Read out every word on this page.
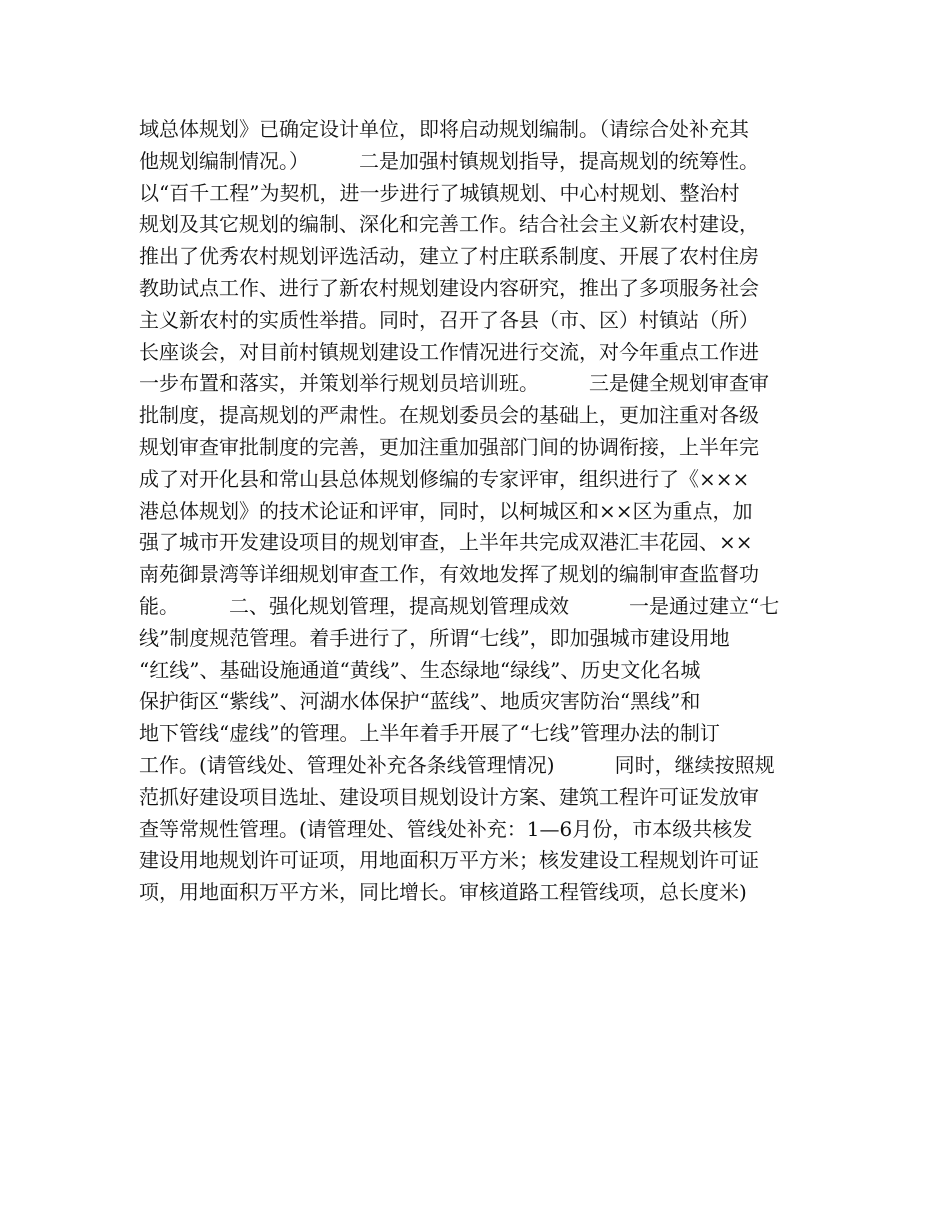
域总体规划》已确定设计单位，即将启动规划编制。（请综合处补充其
他规划编制情况。）　　　二是加强村镇规划指导，提高规划的统筹性。
以“百千工程”为契机，进一步进行了城镇规划、中心村规划、整治村
规划及其它规划的编制、深化和完善工作。结合社会主义新农村建设，
推出了优秀农村规划评选活动，建立了村庄联系制度、开展了农村住房
教助试点工作、进行了新农村规划建设内容研究，推出了多项服务社会
主义新农村的实质性举措。同时，召开了各县（市、区）村镇站（所）
长座谈会，对目前村镇规划建设工作情况进行交流，对今年重点工作进
一步布置和落实，并策划举行规划员培训班。　　　三是健全规划审查审
批制度，提高规划的严肃性。在规划委员会的基础上，更加注重对各级
规划审查审批制度的完善，更加注重加强部门间的协调衔接，上半年完
成了对开化县和常山县总体规划修编的专家评审，组织进行了《×××
港总体规划》的技术论证和评审，同时，以柯城区和××区为重点，加
强了城市开发建设项目的规划审查，上半年共完成双港汇丰花园、××
南苑御景湾等详细规划审查工作，有效地发挥了规划的编制审查监督功
能。　　　二、强化规划管理，提高规划管理成效　　　一是通过建立“七
线”制度规范管理。着手进行了，所谓“七线”，即加强城市建设用地
“红线”、基础设施通道“黄线”、生态绿地“绿线”、历史文化名城
保护街区“紫线”、河湖水体保护“蓝线”、地质灾害防治“黑线”和
地下管线“虚线”的管理。上半年着手开展了“七线”管理办法的制订
工作。(请管线处、管理处补充各条线管理情况)　　　同时，继续按照规
范抓好建设项目选址、建设项目规划设计方案、建筑工程许可证发放审
查等常规性管理。(请管理处、管线处补充：1—6月份，市本级共核发
建设用地规划许可证项，用地面积万平方米；核发建设工程规划许可证
项，用地面积万平方米，同比增长。审核道路工程管线项，总长度米)
